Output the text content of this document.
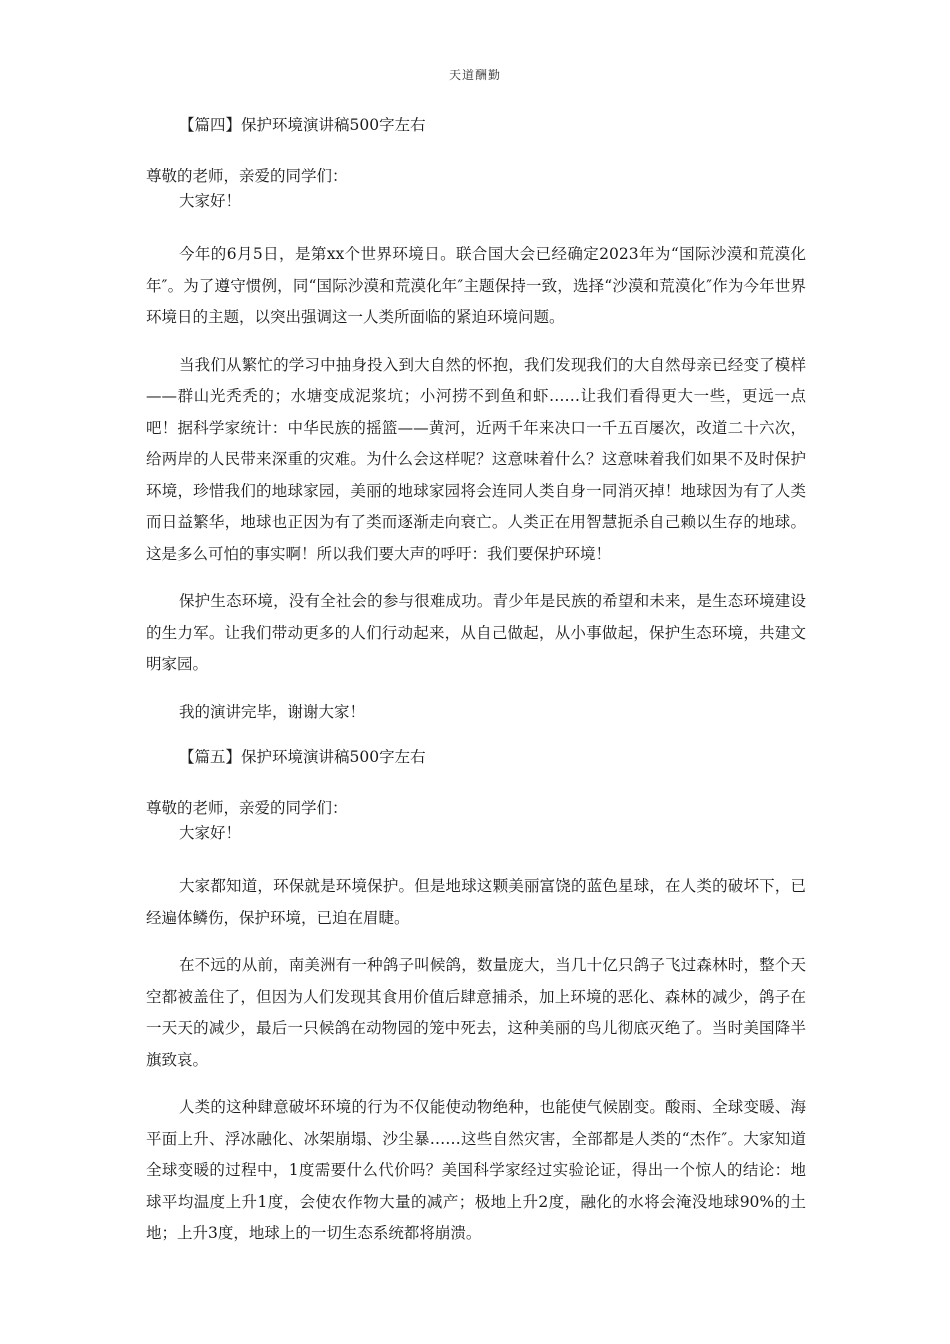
天道酬勤

【篇四】保护环境演讲稿500字左右

尊敬的老师，亲爱的同学们：

大家好！

今年的6月5日，是第xx个世界环境日。联合国大会已经确定2023年为“国际沙漠和荒漠化年″。为了遵守惯例，同“国际沙漠和荒漠化年″主题保持一致，选择“沙漠和荒漠化″作为今年世界环境日的主题，以突出强调这一人类所面临的紧迫环境问题。

当我们从繁忙的学习中抽身投入到大自然的怀抱，我们发现我们的大自然母亲已经变了模样——群山光秃秃的；水塘变成泥浆坑；小河捞不到鱼和虾……让我们看得更大一些，更远一点吧！据科学家统计：中华民族的摇篮——黄河，近两千年来决口一千五百屡次，改道二十六次，给两岸的人民带来深重的灾难。为什么会这样呢？这意味着什么？这意味着我们如果不及时保护环境，珍惜我们的地球家园，美丽的地球家园将会连同人类自身一同消灭掉！地球因为有了人类而日益繁华，地球也正因为有了类而逐渐走向衰亡。人类正在用智慧扼杀自己赖以生存的地球。这是多么可怕的事实啊！所以我们要大声的呼吁：我们要保护环境！

保护生态环境，没有全社会的参与很难成功。青少年是民族的希望和未来，是生态环境建设的生力军。让我们带动更多的人们行动起来，从自己做起，从小事做起，保护生态环境，共建文明家园。

我的演讲完毕，谢谢大家！

【篇五】保护环境演讲稿500字左右

尊敬的老师，亲爱的同学们：

大家好！

大家都知道，环保就是环境保护。但是地球这颗美丽富饶的蓝色星球，在人类的破坏下，已经遍体鳞伤，保护环境，已迫在眉睫。

在不远的从前，南美洲有一种鸽子叫候鸽，数量庞大，当几十亿只鸽子飞过森林时，整个天空都被盖住了，但因为人们发现其食用价值后肆意捕杀，加上环境的恶化、森林的减少，鸽子在一天天的减少，最后一只候鸽在动物园的笼中死去，这种美丽的鸟儿彻底灭绝了。当时美国降半旗致哀。

人类的这种肆意破坏环境的行为不仅能使动物绝种，也能使气候剧变。酸雨、全球变暖、海平面上升、浮冰融化、冰架崩塌、沙尘暴……这些自然灾害，全部都是人类的“杰作″。大家知道全球变暖的过程中，1度需要什么代价吗？美国科学家经过实验论证，得出一个惊人的结论：地球平均温度上升1度，会使农作物大量的减产；极地上升2度，融化的水将会淹没地球90%的土地；上升3度，地球上的一切生态系统都将崩溃。
